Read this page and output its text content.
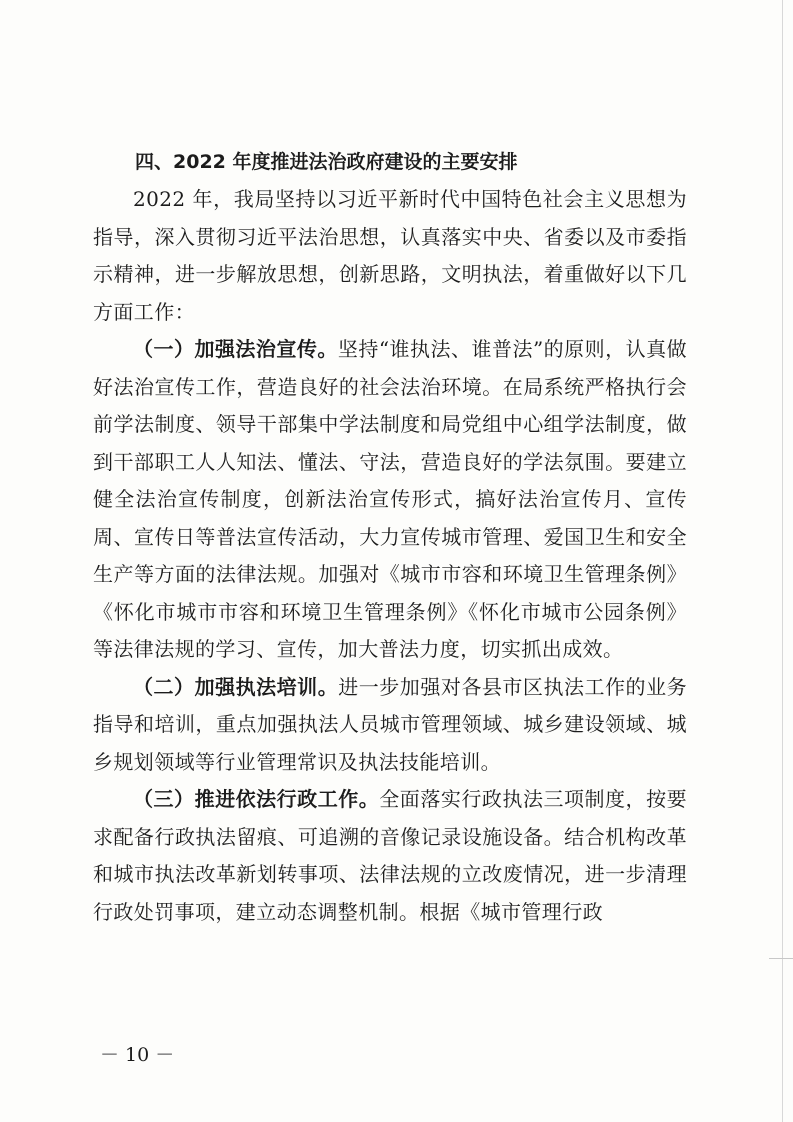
四、2022 年度推进法治政府建设的主要安排

2022 年，我局坚持以习近平新时代中国特色社会主义思想为指导，深入贯彻习近平法治思想，认真落实中央、省委以及市委指示精神，进一步解放思想，创新思路，文明执法，着重做好以下几方面工作：

（一）加强法治宣传。坚持“谁执法、谁普法”的原则，认真做好法治宣传工作，营造良好的社会法治环境。在局系统严格执行会前学法制度、领导干部集中学法制度和局党组中心组学法制度，做到干部职工人人知法、懂法、守法，营造良好的学法氛围。要建立健全法治宣传制度，创新法治宣传形式，搞好法治宣传月、宣传周、宣传日等普法宣传活动，大力宣传城市管理、爱国卫生和安全生产等方面的法律法规。加强对《城市市容和环境卫生管理条例》《怀化市城市市容和环境卫生管理条例》《怀化市城市公园条例》等法律法规的学习、宣传，加大普法力度，切实抓出成效。

（二）加强执法培训。进一步加强对各县市区执法工作的业务指导和培训，重点加强执法人员城市管理领域、城乡建设领域、城乡规划领域等行业管理常识及执法技能培训。

（三）推进依法行政工作。全面落实行政执法三项制度，按要求配备行政执法留痕、可追溯的音像记录设施设备。结合机构改革和城市执法改革新划转事项、法律法规的立改废情况，进一步清理行政处罚事项，建立动态调整机制。根据《城市管理行政

－ 10 －
